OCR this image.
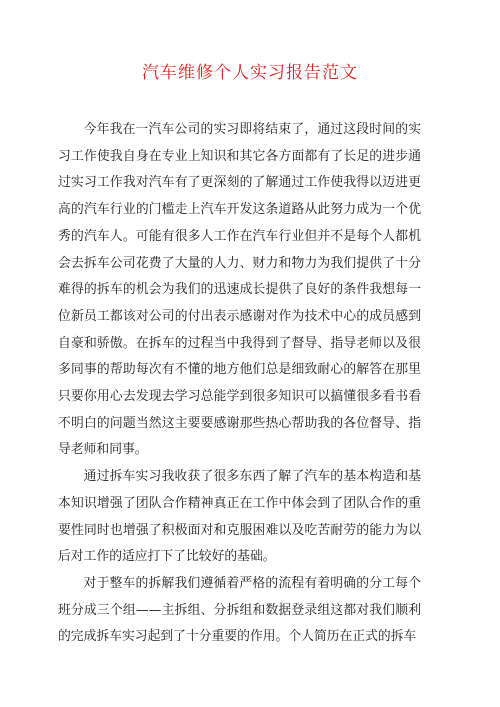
汽车维修个人实习报告范文

今年我在一汽车公司的实习即将结束了，通过这段时间的实习工作使我自身在专业上知识和其它各方面都有了长足的进步通过实习工作我对汽车有了更深刻的了解通过工作使我得以迈进更高的汽车行业的门槛走上汽车开发这条道路从此努力成为一个优秀的汽车人。可能有很多人工作在汽车行业但并不是每个人都机会去拆车公司花费了大量的人力、财力和物力为我们提供了十分难得的拆车的机会为我们的迅速成长提供了良好的条件我想每一位新员工都该对公司的付出表示感谢对作为技术中心的成员感到自豪和骄傲。在拆车的过程当中我得到了督导、指导老师以及很多同事的帮助每次有不懂的地方他们总是细致耐心的解答在那里只要你用心去发现去学习总能学到很多知识可以搞懂很多看书看不明白的问题当然这主要要感谢那些热心帮助我的各位督导、指导老师和同事。

通过拆车实习我收获了很多东西了解了汽车的基本构造和基本知识增强了团队合作精神真正在工作中体会到了团队合作的重要性同时也增强了积极面对和克服困难以及吃苦耐劳的能力为以后对工作的适应打下了比较好的基础。

对于整车的拆解我们遵循着严格的流程有着明确的分工每个班分成三个组——主拆组、分拆组和数据登录组这都对我们顺利的完成拆车实习起到了十分重要的作用。个人简历在正式的拆车
